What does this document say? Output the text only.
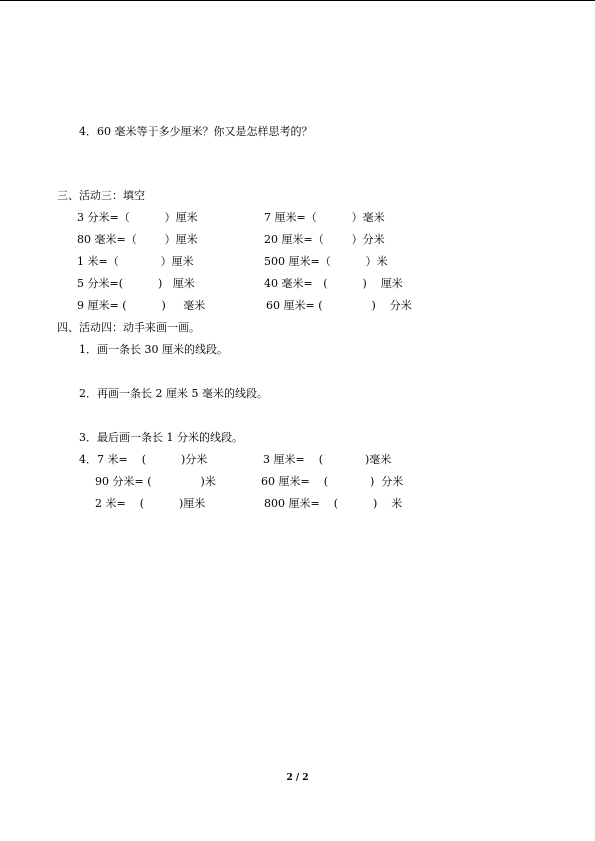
4．60 毫米等于多少厘米？你又是怎样思考的？
三、活动三：填空
3 分米=（          ）厘米	7 厘米=（          ）毫米
80 毫米=（        ）厘米	20 厘米=（        ）分米
1 米=（            ）厘米	500 厘米=（          ）米
5 分米=(          )   厘米	40 毫米=   (          )    厘米
9 厘米= (          )     毫米	60 厘米= (              )    分米
四、活动四：动手来画一画。
1．画一条长 30 厘米的线段。
2．再画一条长 2 厘米 5 毫米的线段。
3．最后画一条长 1 分米的线段。
4．7 米=    (          )分米	3 厘米=    (            )毫米
90 分米= (              )米	60 厘米=    (            )  分米
2 米=    (          )厘米	800 厘米=    (          )    米
2 / 2
